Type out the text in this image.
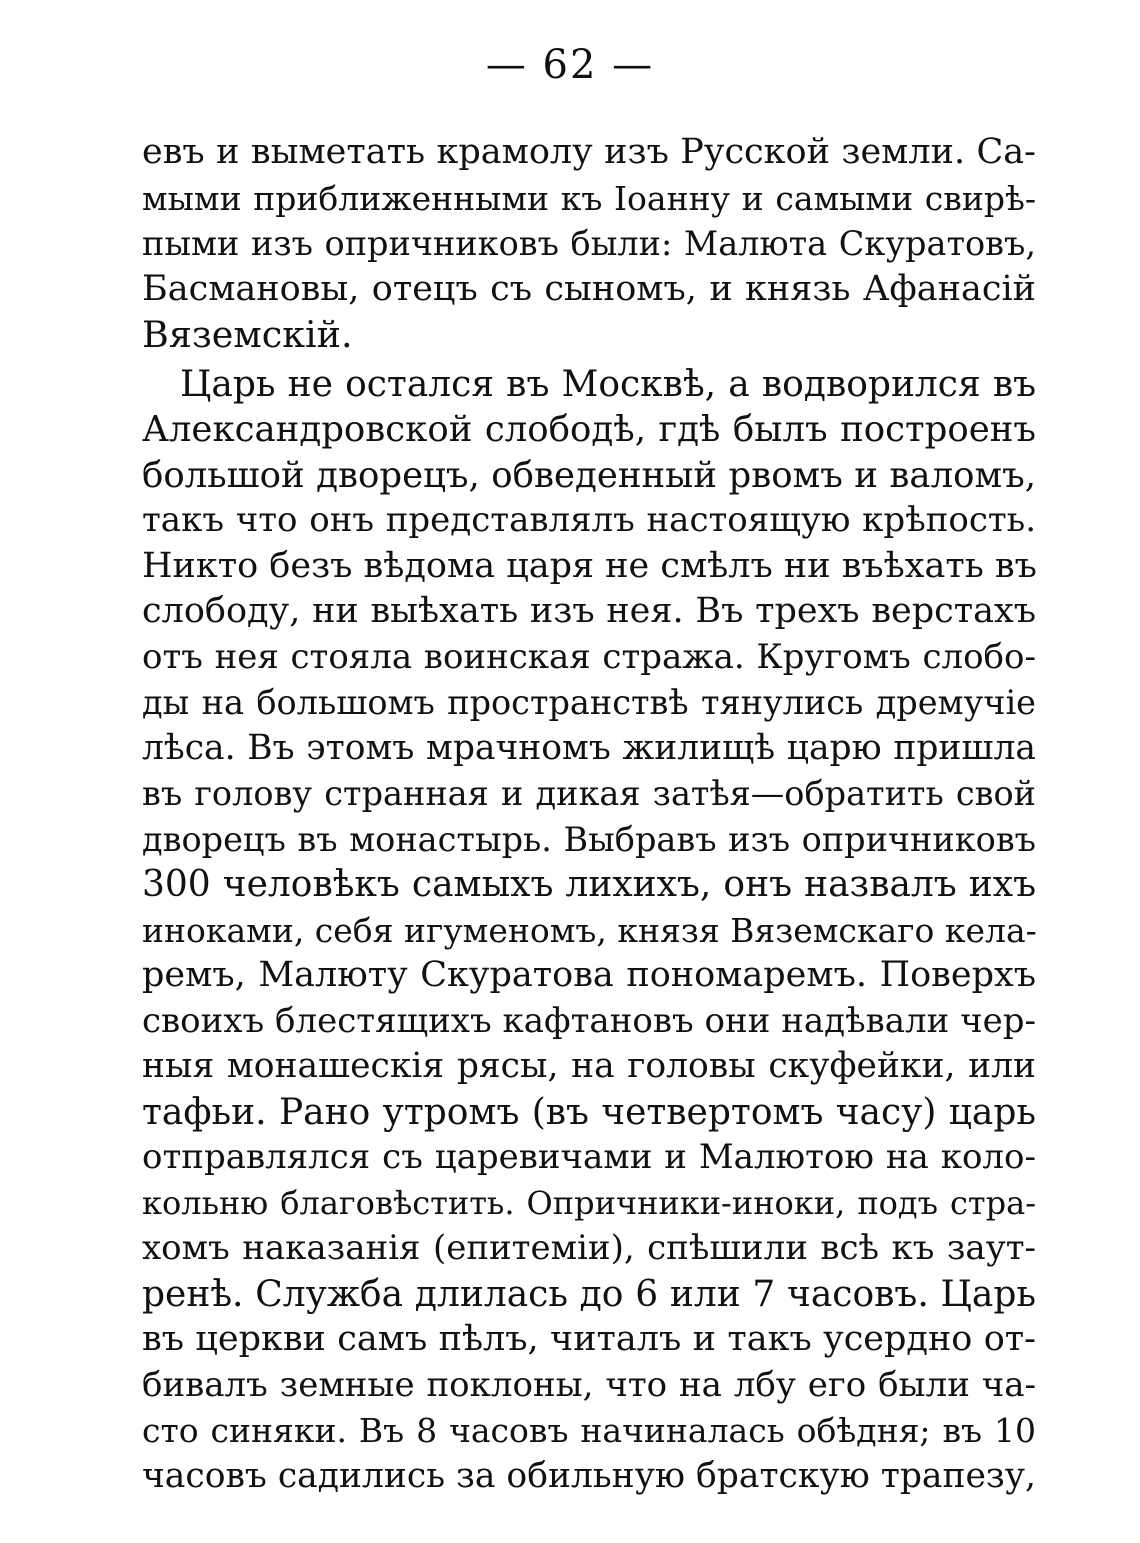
— 62 —
евъ и выметать крамолу изъ Русской земли. Са-
мыми приближенными къ Іоанну и самыми свирѣ-
пыми изъ опричниковъ были: Малюта Скуратовъ,
Басмановы, отецъ съ сыномъ, и князь Афанасій
Вяземскій.
Царь не остался въ Москвѣ, а водворился въ
Александровской слободѣ, гдѣ былъ построенъ
большой дворецъ, обведенный рвомъ и валомъ,
такъ что онъ представлялъ настоящую крѣпость.
Никто безъ вѣдома царя не смѣлъ ни въѣхать въ
слободу, ни выѣхать изъ нея. Въ трехъ верстахъ
отъ нея стояла воинская стража. Кругомъ слобо-
ды на большомъ пространствѣ тянулись дремучіе
лѣса. Въ этомъ мрачномъ жилищѣ царю пришла
въ голову странная и дикая затѣя—обратить свой
дворецъ въ монастырь. Выбравъ изъ опричниковъ
300 человѣкъ самыхъ лихихъ, онъ назвалъ ихъ
иноками, себя игуменомъ, князя Вяземскаго кела-
ремъ, Малюту Скуратова пономаремъ. Поверхъ
своихъ блестящихъ кафтановъ они надѣвали чер-
ныя монашескія рясы, на головы скуфейки, или
тафьи. Рано утромъ (въ четвертомъ часу) царь
отправлялся съ царевичами и Малютою на коло-
кольню благовѣстить. Опричники-иноки, подъ стра-
хомъ наказанія (епитеміи), спѣшили всѣ къ заут-
ренѣ. Служба длилась до 6 или 7 часовъ. Царь
въ церкви самъ пѣлъ, читалъ и такъ усердно от-
бивалъ земные поклоны, что на лбу его были ча-
сто синяки. Въ 8 часовъ начиналась обѣдня; въ 10
часовъ садились за обильную братскую трапезу,
